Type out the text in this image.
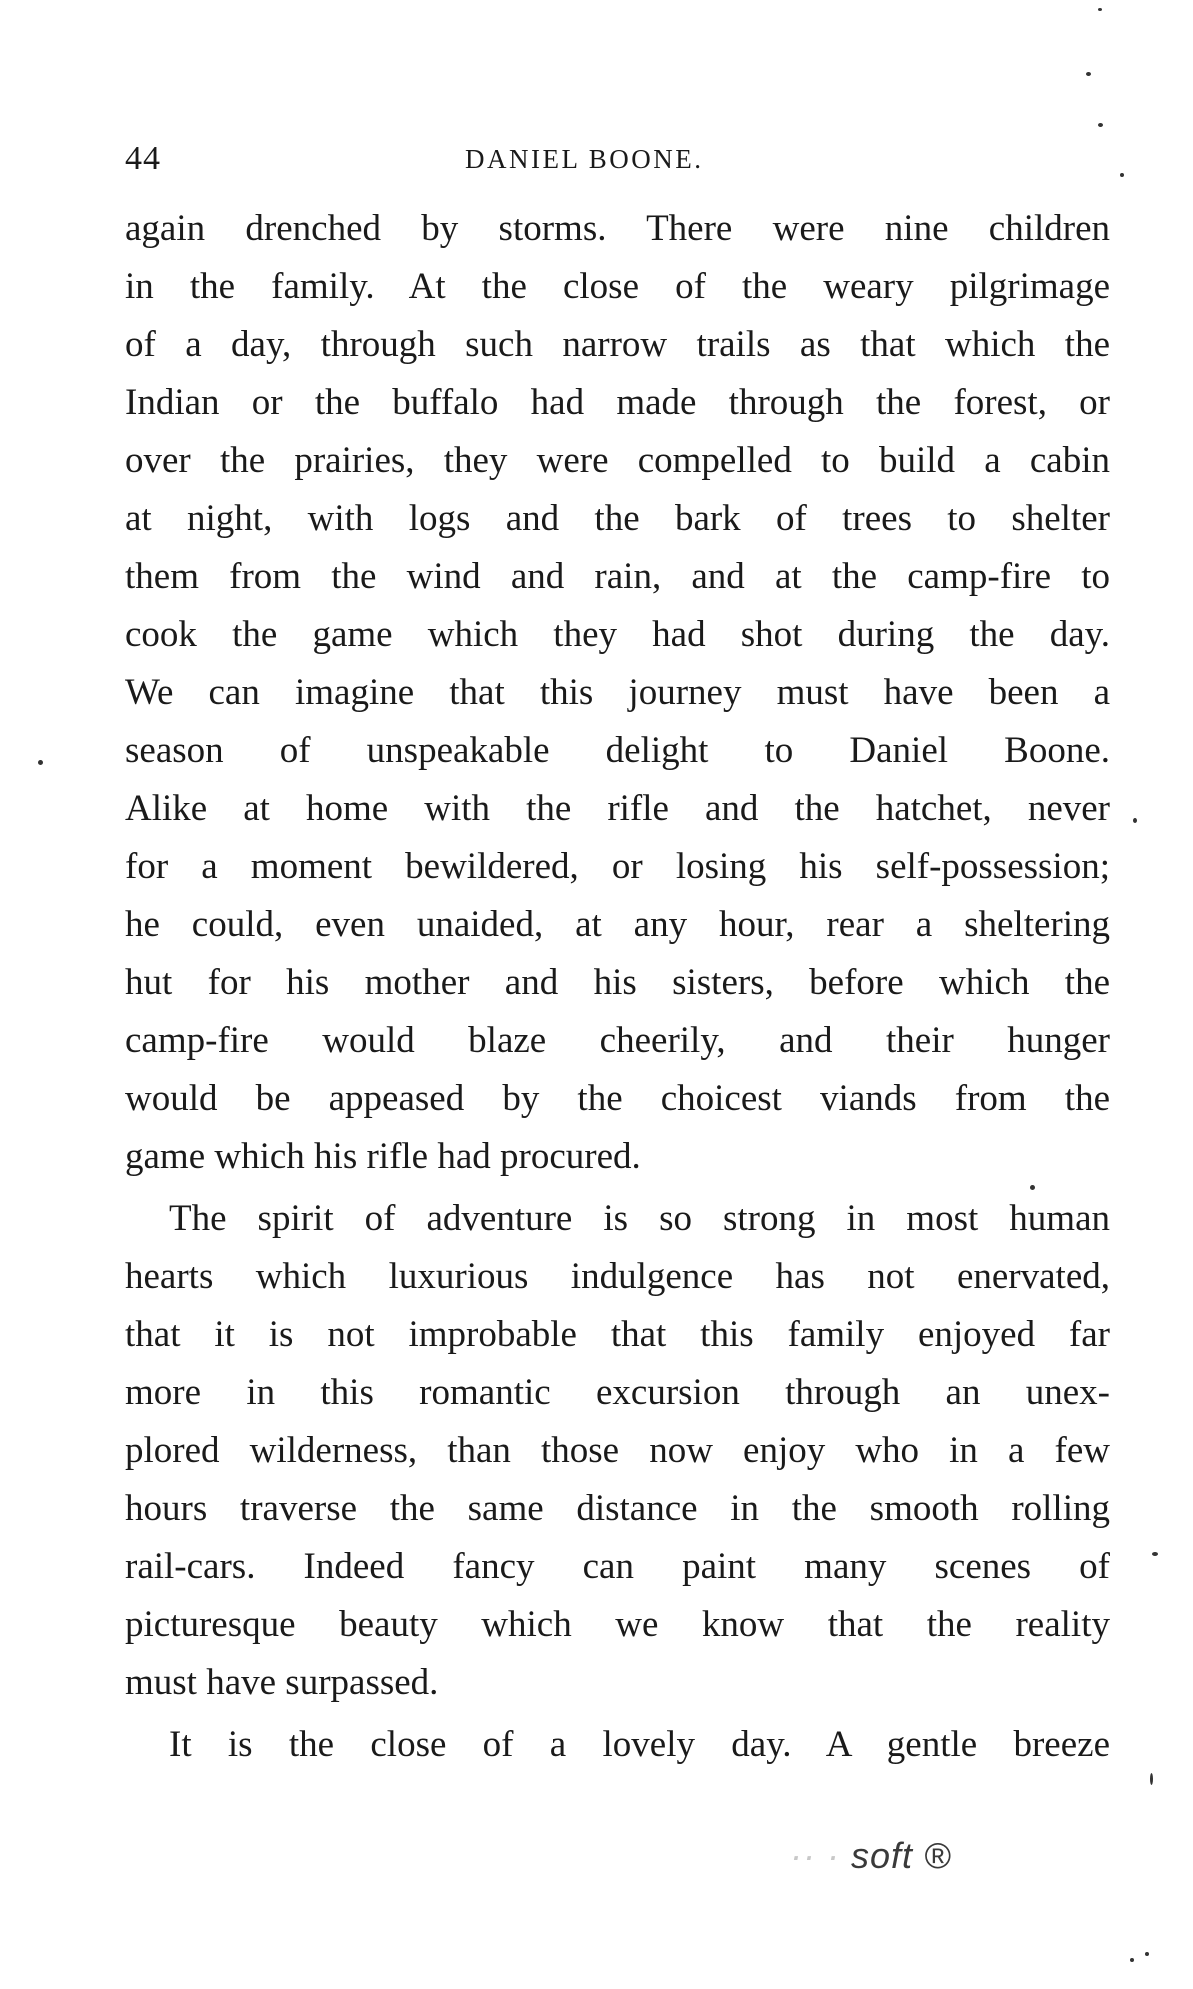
44	DANIEL BOONE.
again drenched by storms. There were nine children
in the family. At the close of the weary pilgrimage
of a day, through such narrow trails as that which the
Indian or the buffalo had made through the forest, or
over the prairies, they were compelled to build a cabin
at night, with logs and the bark of trees to shelter
them from the wind and rain, and at the camp-fire to
cook the game which they had shot during the day.
We can imagine that this journey must have been a
season of unspeakable delight to Daniel Boone.
Alike at home with the rifle and the hatchet, never
for a moment bewildered, or losing his self-possession;
he could, even unaided, at any hour, rear a sheltering
hut for his mother and his sisters, before which the
camp-fire would blaze cheerily, and their hunger
would be appeased by the choicest viands from the
game which his rifle had procured.
The spirit of adventure is so strong in most human
hearts which luxurious indulgence has not enervated,
that it is not improbable that this family enjoyed far
more in this romantic excursion through an unex-
plored wilderness, than those now enjoy who in a few
hours traverse the same distance in the smooth rolling
rail-cars. Indeed fancy can paint many scenes of
picturesque beauty which we know that the reality
must have surpassed.
It is the close of a lovely day. A gentle breeze
·· · soft ®
